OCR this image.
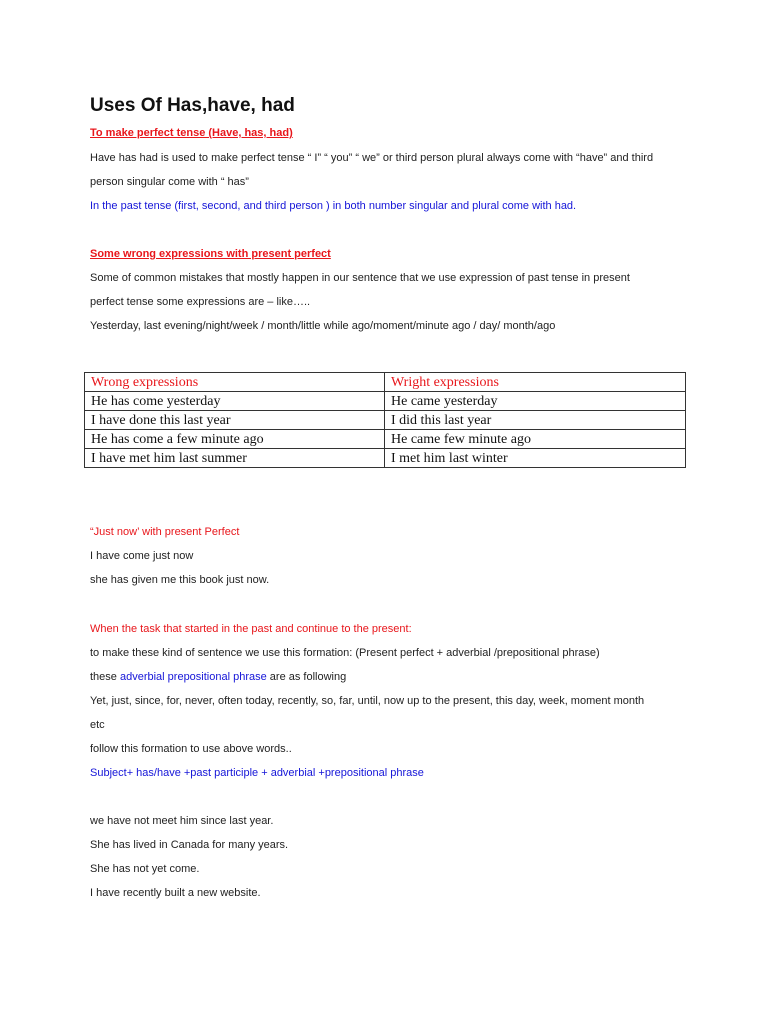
Uses Of Has,have, had

To make perfect tense (Have, has, had)

Have has had is used to make perfect tense “ I” “ you” “ we” or third person plural always come with “have” and third

person singular come with “ has”

In the past tense (first, second, and third person ) in both number singular and plural come with had.

Some wrong expressions with present perfect

Some of common mistakes that mostly happen in our sentence that we use expression of past tense in present

perfect tense some expressions are – like…..

Yesterday, last evening/night/week / month/little while ago/moment/minute ago / day/ month/ago

Wrong expressions	Wright expressions
He has come yesterday	He came yesterday
I have done this last year	I did this last year
He has come a few minute ago	He came few minute ago
I have met him last summer	I met him last winter

“Just now’ with present Perfect

I have come just now

she has given me this book just now.

When the task that started in the past and continue to the present:

to make these kind of sentence we use this formation: (Present perfect + adverbial /prepositional phrase)

these adverbial prepositional phrase are as following

Yet, just, since, for, never, often today, recently, so, far, until, now up to the present, this day, week, moment month

etc

follow this formation to use above words..

Subject+ has/have +past participle + adverbial +prepositional phrase

we have not meet him since last year.

She has lived in Canada for many years.

She has not yet come.

I have recently built a new website.
